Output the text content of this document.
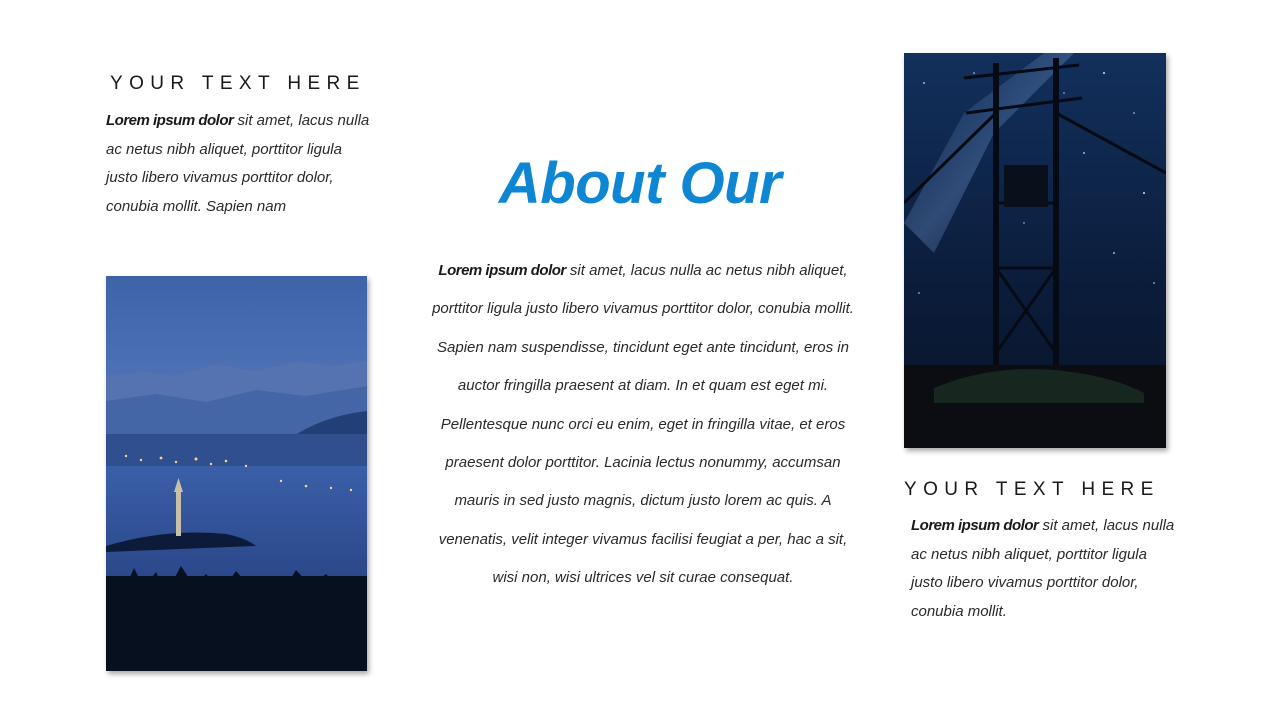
YOUR TEXT HERE

Lorem ipsum dolor sit amet, lacus nulla ac netus nibh aliquet, porttitor ligula justo libero vivamus porttitor dolor, conubia mollit. Sapien nam	About Our

Lorem ipsum dolor sit amet, lacus nulla ac netus nibh aliquet, porttitor ligula justo libero vivamus porttitor dolor, conubia mollit. Sapien nam suspendisse, tincidunt eget ante tincidunt, eros in auctor fringilla praesent at diam. In et quam est eget mi. Pellentesque nunc orci eu enim, eget in fringilla vitae, et eros praesent dolor porttitor. Lacinia lectus nonummy, accumsan mauris in sed justo magnis, dictum justo lorem ac quis. A venenatis, velit integer vivamus facilisi feugiat a per, hac a sit, wisi non, wisi ultrices vel sit curae consequat.

YOUR TEXT HERE

Lorem ipsum dolor sit amet, lacus nulla ac netus nibh aliquet, porttitor ligula justo libero vivamus porttitor dolor, conubia mollit.
